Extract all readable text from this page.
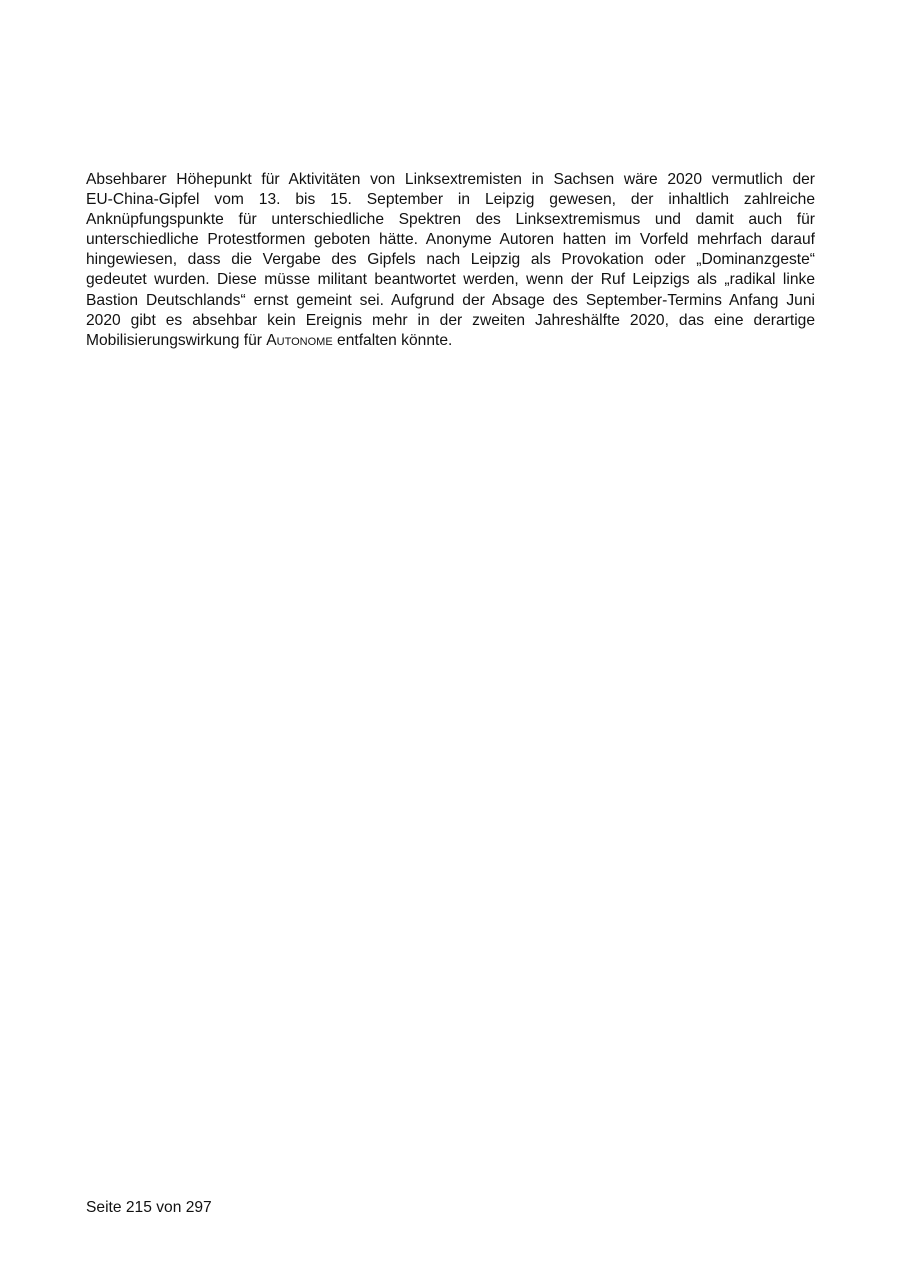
Absehbarer Höhepunkt für Aktivitäten von Linksextremisten in Sachsen wäre 2020 vermutlich der
EU-China-Gipfel vom 13. bis 15. September in Leipzig gewesen, der inhaltlich zahlreiche
Anknüpfungspunkte für unterschiedliche Spektren des Linksextremismus und damit auch für
unterschiedliche Protestformen geboten hätte. Anonyme Autoren hatten im Vorfeld mehrfach darauf
hingewiesen, dass die Vergabe des Gipfels nach Leipzig als Provokation oder „Dominanzgeste“
gedeutet wurden. Diese müsse militant beantwortet werden, wenn der Ruf Leipzigs als „radikal linke
Bastion Deutschlands“ ernst gemeint sei. Aufgrund der Absage des September-Termins Anfang Juni
2020 gibt es absehbar kein Ereignis mehr in der zweiten Jahreshälfte 2020, das eine derartige
Mobilisierungswirkung für Autonome entfalten könnte.

Seite 215 von 297
